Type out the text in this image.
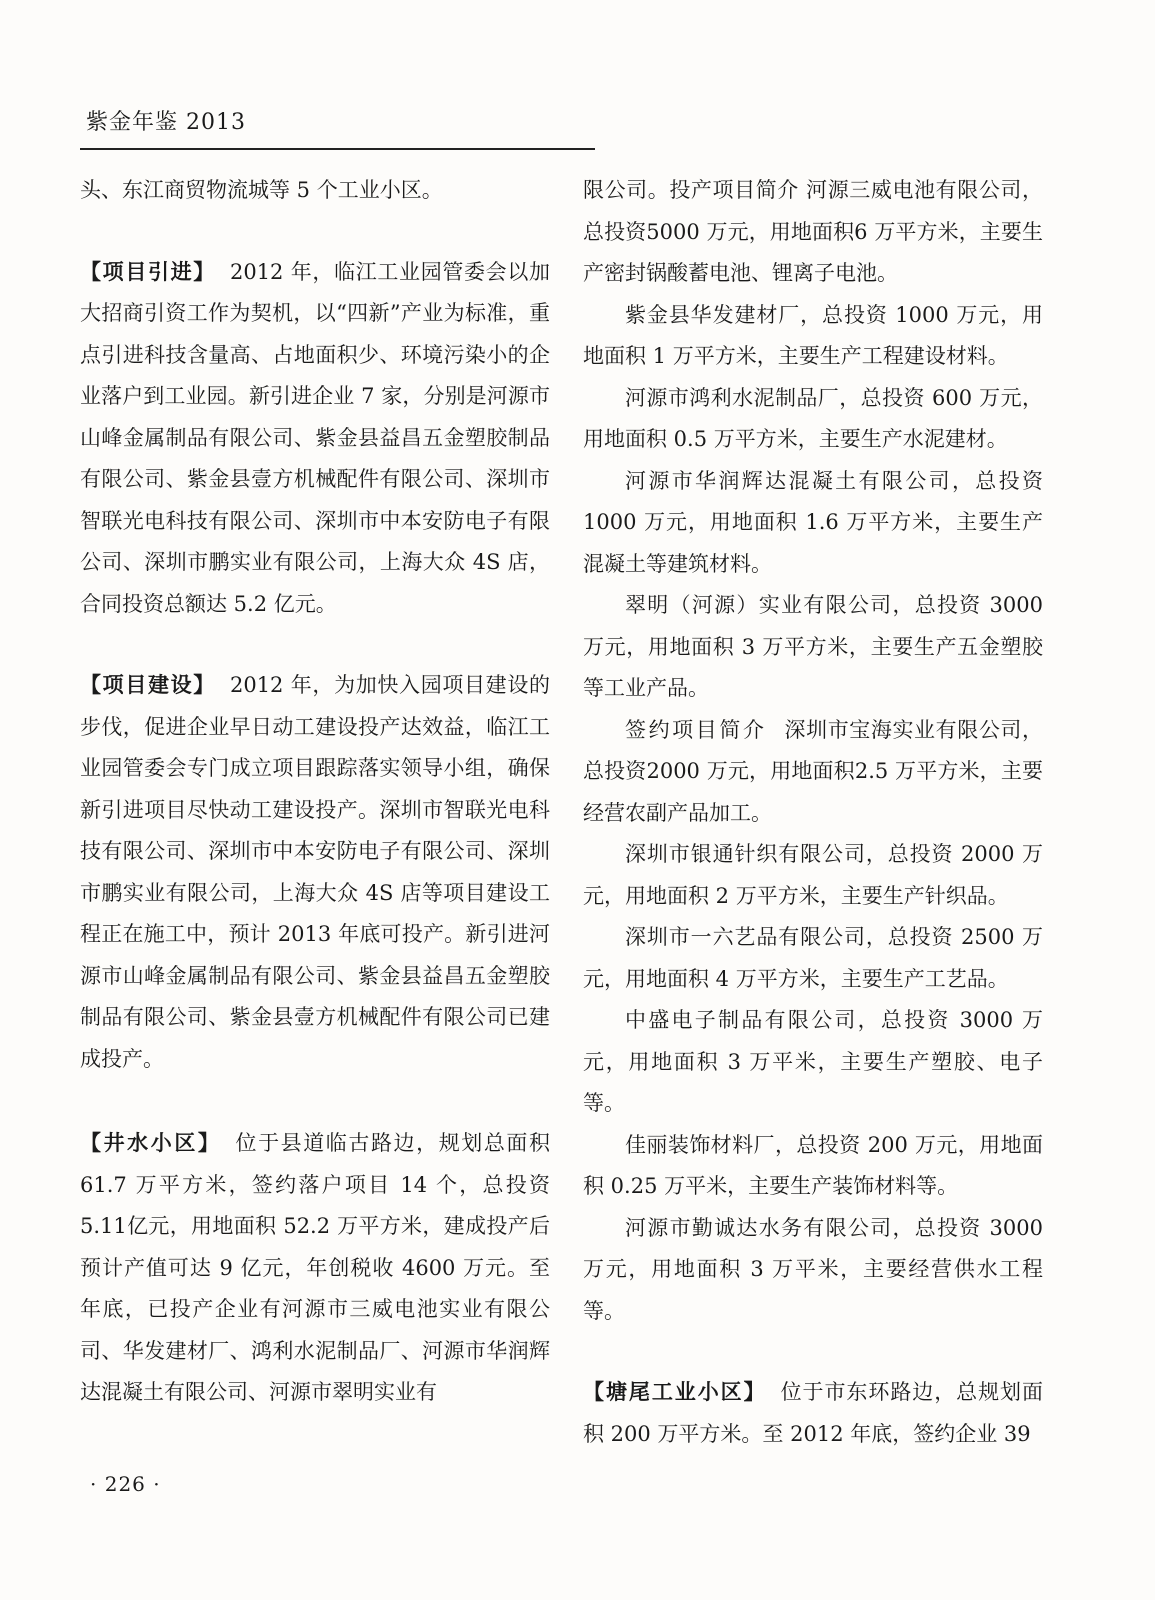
紫金年鉴 2013

头、东江商贸物流城等 5 个工业小区。

【项目引进】 2012 年，临江工业园管委会以加大招商引资工作为契机，以“四新”产业为标准，重点引进科技含量高、占地面积少、环境污染小的企业落户到工业园。新引进企业 7 家，分别是河源市山峰金属制品有限公司、紫金县益昌五金塑胶制品有限公司、紫金县壹方机械配件有限公司、深圳市智联光电科技有限公司、深圳市中本安防电子有限公司、深圳市鹏实业有限公司，上海大众 4S 店，合同投资总额达 5.2 亿元。

【项目建设】 2012 年，为加快入园项目建设的步伐，促进企业早日动工建设投产达效益，临江工业园管委会专门成立项目跟踪落实领导小组，确保新引进项目尽快动工建设投产。深圳市智联光电科技有限公司、深圳市中本安防电子有限公司、深圳市鹏实业有限公司，上海大众 4S 店等项目建设工程正在施工中，预计 2013 年底可投产。新引进河源市山峰金属制品有限公司、紫金县益昌五金塑胶制品有限公司、紫金县壹方机械配件有限公司已建成投产。

【井水小区】 位于县道临古路边，规划总面积 61.7 万平方米，签约落户项目 14 个，总投资 5.11亿元，用地面积 52.2 万平方米，建成投产后预计产值可达 9 亿元，年创税收 4600 万元。至年底，已投产企业有河源市三威电池实业有限公司、华发建材厂、鸿利水泥制品厂、河源市华润辉达混凝土有限公司、河源市翠明实业有

限公司。投产项目简介 河源三威电池有限公司，总投资5000 万元，用地面积6 万平方米，主要生产密封锅酸蓄电池、锂离子电池。

紫金县华发建材厂，总投资 1000 万元，用地面积 1 万平方米，主要生产工程建设材料。

河源市鸿利水泥制品厂，总投资 600 万元，用地面积 0.5 万平方米，主要生产水泥建材。

河源市华润辉达混凝土有限公司，总投资 1000 万元，用地面积 1.6 万平方米，主要生产混凝土等建筑材料。

翠明（河源）实业有限公司，总投资 3000 万元，用地面积 3 万平方米，主要生产五金塑胶等工业产品。

签约项目简介 深圳市宝海实业有限公司，总投资2000 万元，用地面积2.5 万平方米，主要经营农副产品加工。

深圳市银通针织有限公司，总投资 2000 万元，用地面积 2 万平方米，主要生产针织品。

深圳市一六艺品有限公司，总投资 2500 万元，用地面积 4 万平方米，主要生产工艺品。

中盛电子制品有限公司，总投资 3000 万元，用地面积 3 万平米，主要生产塑胶、电子等。

佳丽装饰材料厂，总投资 200 万元，用地面积 0.25 万平米，主要生产装饰材料等。

河源市勤诚达水务有限公司，总投资 3000 万元，用地面积 3 万平米，主要经营供水工程等。

【塘尾工业小区】 位于市东环路边，总规划面积 200 万平方米。至 2012 年底，签约企业 39

· 226 ·
